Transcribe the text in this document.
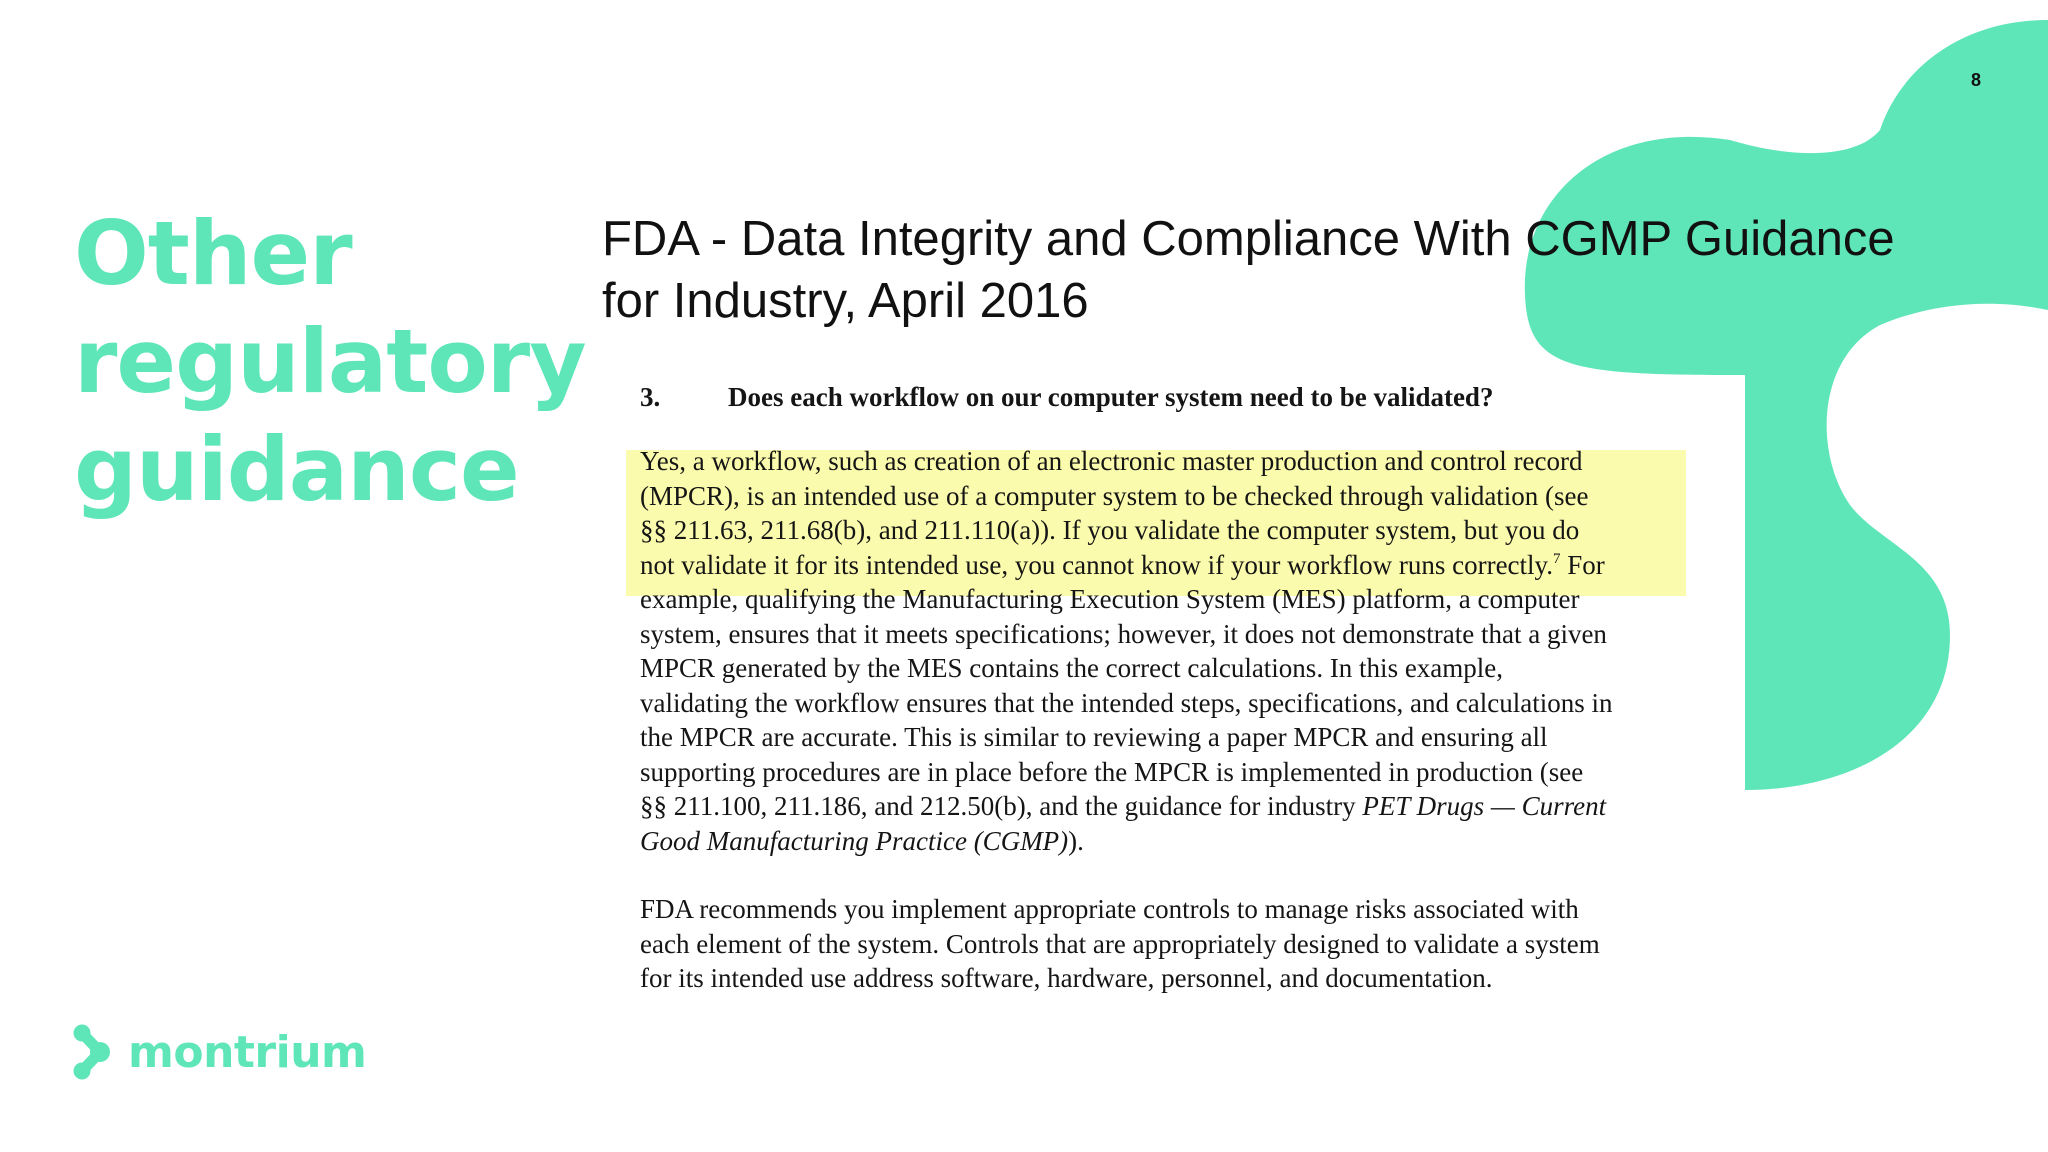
8
Other
regulatory
guidance
FDA - Data Integrity and Compliance With CGMP Guidance
for Industry, April 2016
3.	Does each workflow on our computer system need to be validated?

Yes, a workflow, such as creation of an electronic master production and control record
(MPCR), is an intended use of a computer system to be checked through validation (see
§§ 211.63, 211.68(b), and 211.110(a)). If you validate the computer system, but you do
not validate it for its intended use, you cannot know if your workflow runs correctly.$^7$ For
example, qualifying the Manufacturing Execution System (MES) platform, a computer
system, ensures that it meets specifications; however, it does not demonstrate that a given
MPCR generated by the MES contains the correct calculations. In this example,
validating the workflow ensures that the intended steps, specifications, and calculations in
the MPCR are accurate. This is similar to reviewing a paper MPCR and ensuring all
supporting procedures are in place before the MPCR is implemented in production (see
§§ 211.100, 211.186, and 212.50(b), and the guidance for industry PET Drugs — Current
Good Manufacturing Practice (CGMP)).

FDA recommends you implement appropriate controls to manage risks associated with
each element of the system. Controls that are appropriately designed to validate a system
for its intended use address software, hardware, personnel, and documentation.

montrium
